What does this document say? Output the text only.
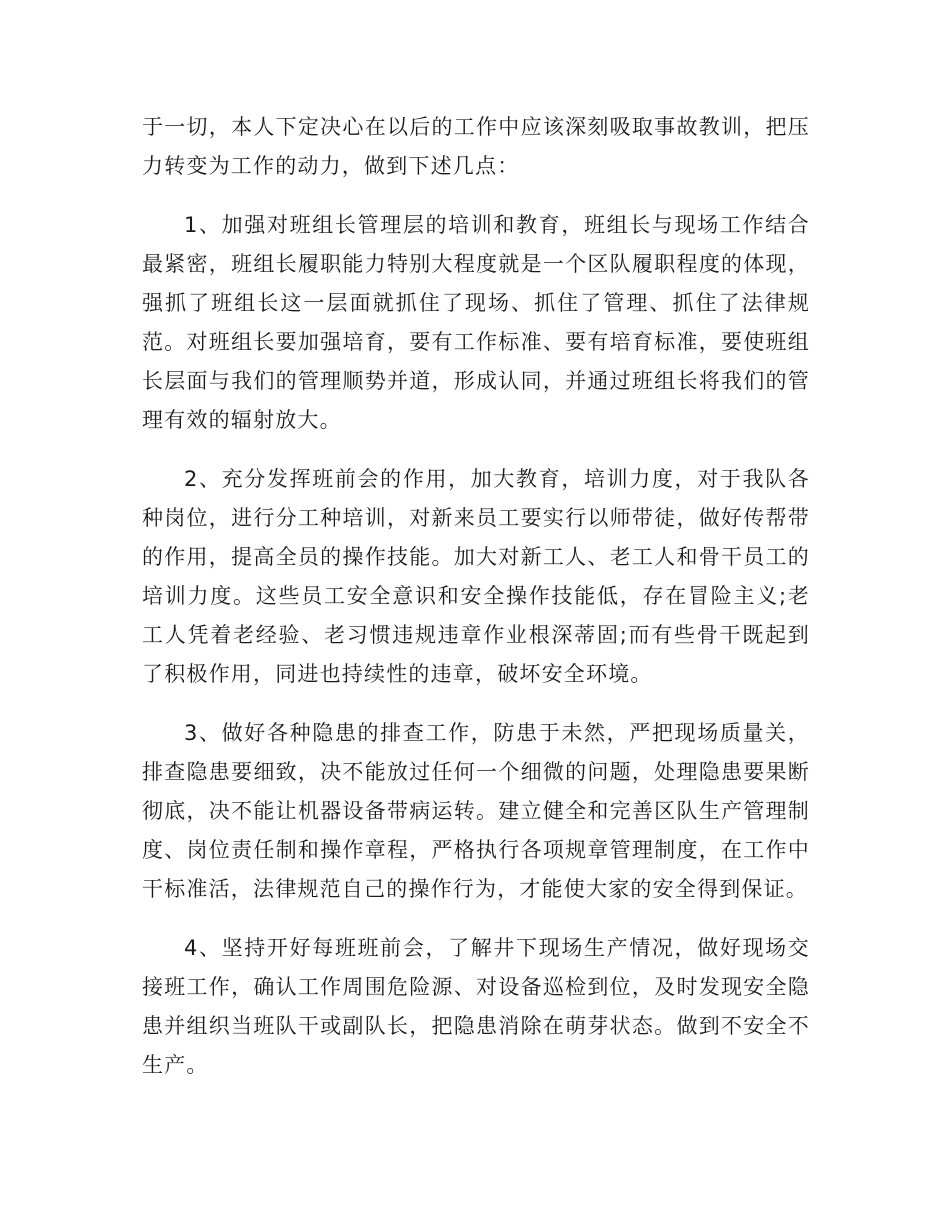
于一切，本人下定决心在以后的工作中应该深刻吸取事故教训，把压力转变为工作的动力，做到下述几点：

1、加强对班组长管理层的培训和教育，班组长与现场工作结合最紧密，班组长履职能力特别大程度就是一个区队履职程度的体现，强抓了班组长这一层面就抓住了现场、抓住了管理、抓住了法律规范。对班组长要加强培育，要有工作标准、要有培育标准，要使班组长层面与我们的管理顺势并道，形成认同，并通过班组长将我们的管理有效的辐射放大。

2、充分发挥班前会的作用，加大教育，培训力度，对于我队各种岗位，进行分工种培训，对新来员工要实行以师带徒，做好传帮带的作用，提高全员的操作技能。加大对新工人、老工人和骨干员工的培训力度。这些员工安全意识和安全操作技能低，存在冒险主义;老工人凭着老经验、老习惯违规违章作业根深蒂固;而有些骨干既起到了积极作用，同进也持续性的违章，破坏安全环境。

3、做好各种隐患的排查工作，防患于未然，严把现场质量关，排查隐患要细致，决不能放过任何一个细微的问题，处理隐患要果断彻底，决不能让机器设备带病运转。建立健全和完善区队生产管理制度、岗位责任制和操作章程，严格执行各项规章管理制度，在工作中干标准活，法律规范自己的操作行为，才能使大家的安全得到保证。

4、坚持开好每班班前会，了解井下现场生产情况，做好现场交接班工作，确认工作周围危险源、对设备巡检到位，及时发现安全隐患并组织当班队干或副队长，把隐患消除在萌芽状态。做到不安全不生产。
